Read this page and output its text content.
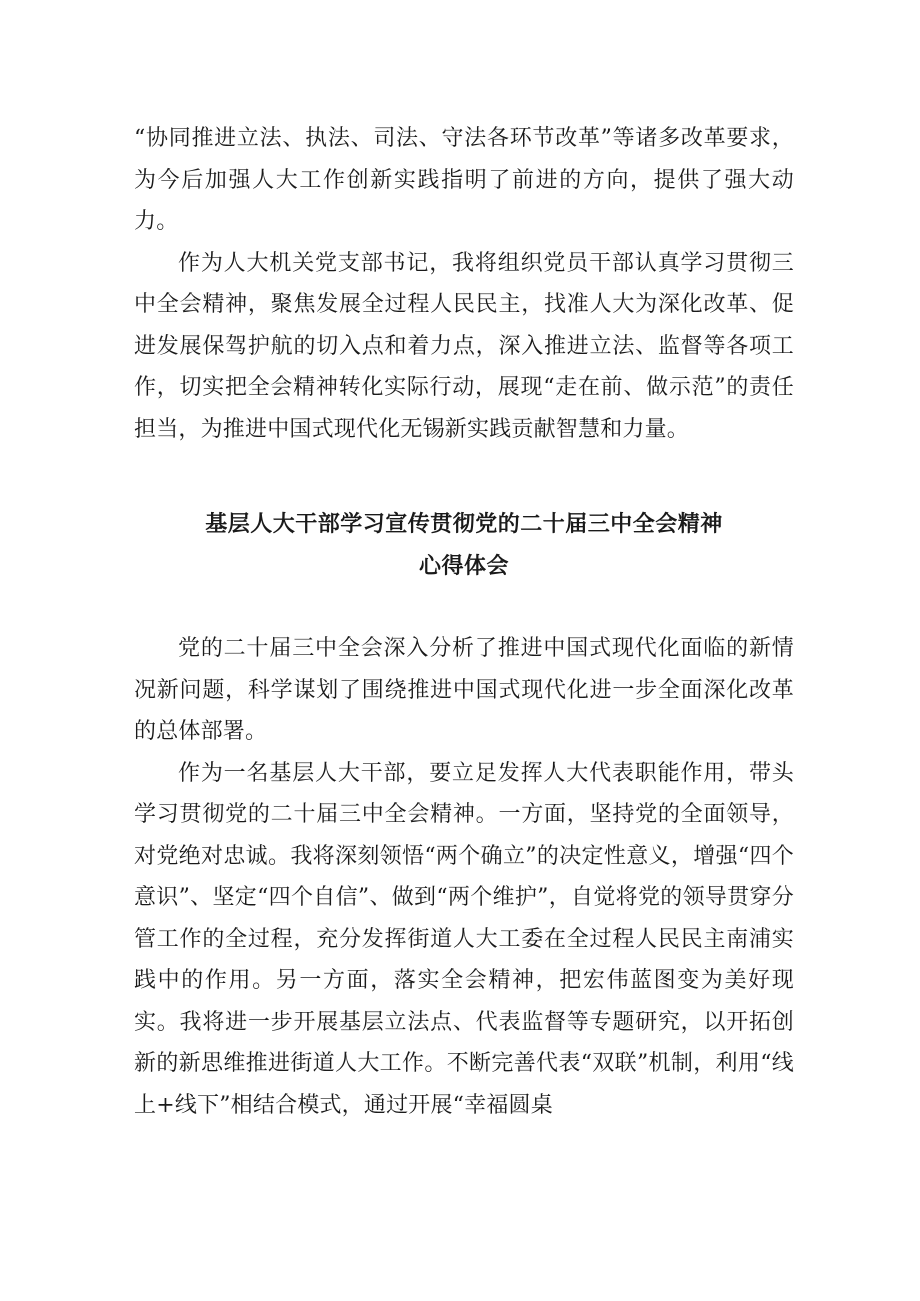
“协同推进立法、执法、司法、守法各环节改革”等诸多改革要求，为今后加强人大工作创新实践指明了前进的方向，提供了强大动力。

作为人大机关党支部书记，我将组织党员干部认真学习贯彻三中全会精神，聚焦发展全过程人民民主，找准人大为深化改革、促进发展保驾护航的切入点和着力点，深入推进立法、监督等各项工作，切实把全会精神转化实际行动，展现“走在前、做示范”的责任担当，为推进中国式现代化无锡新实践贡献智慧和力量。

基层人大干部学习宣传贯彻党的二十届三中全会精神
心得体会

党的二十届三中全会深入分析了推进中国式现代化面临的新情况新问题，科学谋划了围绕推进中国式现代化进一步全面深化改革的总体部署。

作为一名基层人大干部，要立足发挥人大代表职能作用，带头学习贯彻党的二十届三中全会精神。一方面，坚持党的全面领导，对党绝对忠诚。我将深刻领悟“两个确立”的决定性意义，增强“四个意识”、坚定“四个自信”、做到“两个维护”，自觉将党的领导贯穿分管工作的全过程，充分发挥街道人大工委在全过程人民民主南浦实践中的作用。另一方面，落实全会精神，把宏伟蓝图变为美好现实。我将进一步开展基层立法点、代表监督等专题研究，以开拓创新的新思维推进街道人大工作。不断完善代表“双联”机制，利用“线上+线下”相结合模式，通过开展“幸福圆桌
